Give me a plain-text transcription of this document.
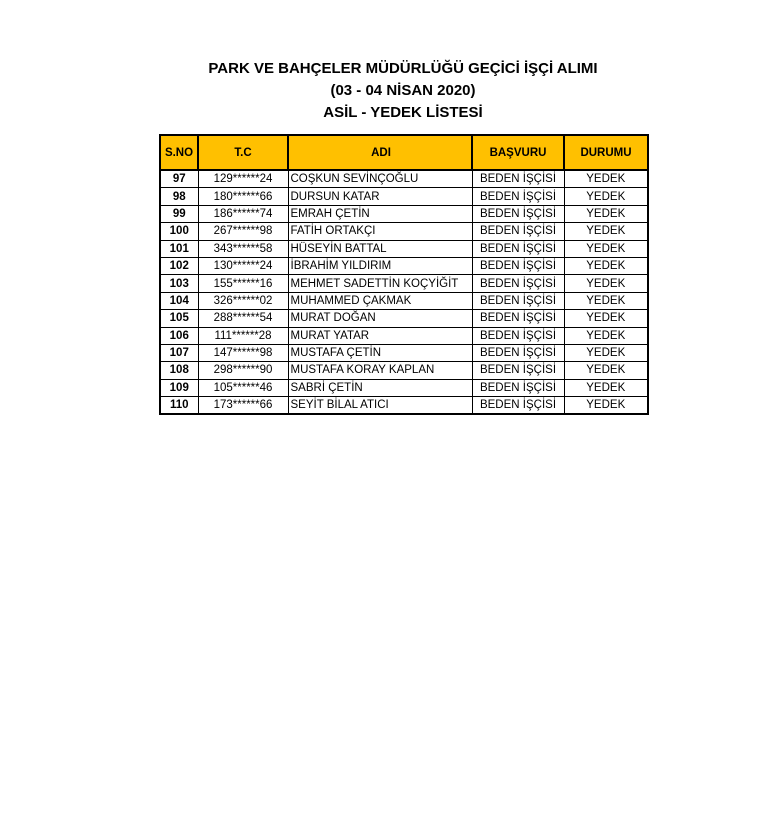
PARK VE BAHÇELER MÜDÜRLÜĞÜ GEÇİCİ İŞÇİ ALIMI
(03 - 04 NİSAN 2020)
ASİL - YEDEK LİSTESİ
S.NO	T.C	ADI	BAŞVURU	DURUMU
97	129******24	COŞKUN SEVİNÇOĞLU	BEDEN İŞÇİSİ	YEDEK
98	180******66	DURSUN KATAR	BEDEN İŞÇİSİ	YEDEK
99	186******74	EMRAH ÇETİN	BEDEN İŞÇİSİ	YEDEK
100	267******98	FATİH ORTAKÇI	BEDEN İŞÇİSİ	YEDEK
101	343******58	HÜSEYİN BATTAL	BEDEN İŞÇİSİ	YEDEK
102	130******24	İBRAHİM YILDIRIM	BEDEN İŞÇİSİ	YEDEK
103	155******16	MEHMET SADETTİN KOÇYİĞİT	BEDEN İŞÇİSİ	YEDEK
104	326******02	MUHAMMED ÇAKMAK	BEDEN İŞÇİSİ	YEDEK
105	288******54	MURAT DOĞAN	BEDEN İŞÇİSİ	YEDEK
106	111******28	MURAT YATAR	BEDEN İŞÇİSİ	YEDEK
107	147******98	MUSTAFA ÇETİN	BEDEN İŞÇİSİ	YEDEK
108	298******90	MUSTAFA KORAY KAPLAN	BEDEN İŞÇİSİ	YEDEK
109	105******46	SABRİ ÇETİN	BEDEN İŞÇİSİ	YEDEK
110	173******66	SEYİT BİLAL ATICI	BEDEN İŞÇİSİ	YEDEK
